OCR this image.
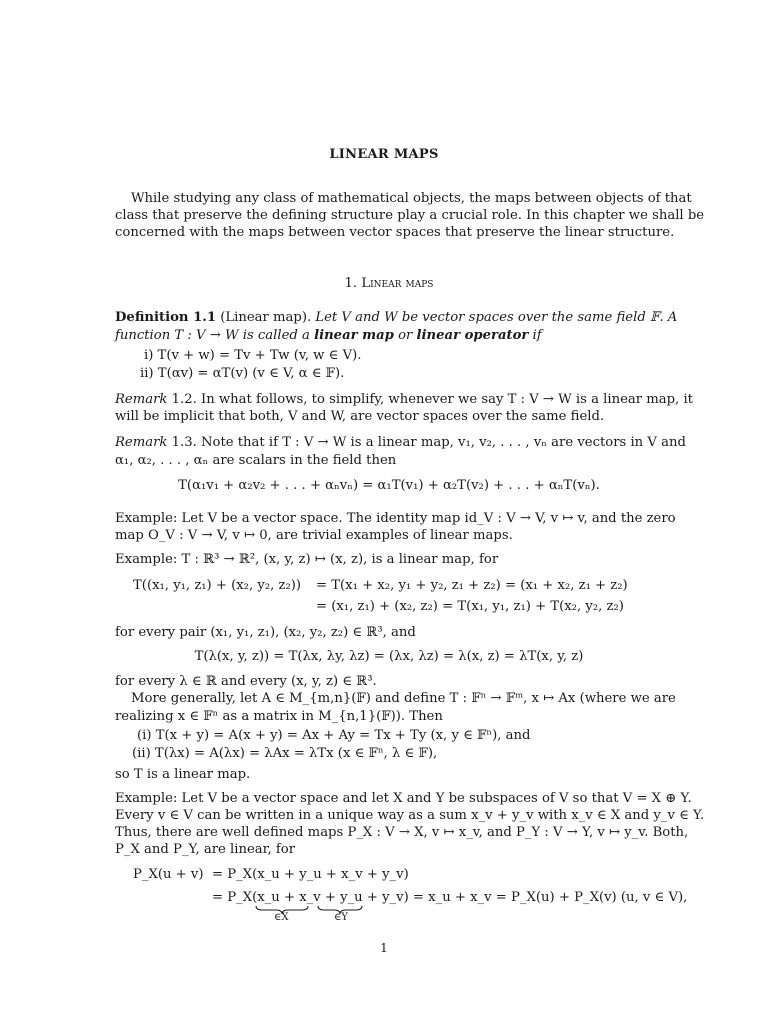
LINEAR MAPS
While studying any class of mathematical objects, the maps between objects of that
class that preserve the defining structure play a crucial role. In this chapter we shall be
concerned with the maps between vector spaces that preserve the linear structure.
1. Linear maps
Definition 1.1 (Linear map). Let V and W be vector spaces over the same field 𝔽. A
function T : V → W is called a linear map or linear operator if
i) T(v + w) = Tv + Tw (v, w ∈ V).
ii) T(αv) = αT(v) (v ∈ V, α ∈ 𝔽).
Remark 1.2. In what follows, to simplify, whenever we say T : V → W is a linear map, it
will be implicit that both, V and W, are vector spaces over the same field.
Remark 1.3. Note that if T : V → W is a linear map, v₁, v₂, . . . , vₙ are vectors in V and
α₁, α₂, . . . , αₙ are scalars in the field then
T(α₁v₁ + α₂v₂ + . . . + αₙvₙ) = α₁T(v₁) + α₂T(v₂) + . . . + αₙT(vₙ).
Example: Let V be a vector space. The identity map id_V : V → V, v ↦ v, and the zero
map O_V : V → V, v ↦ 0, are trivial examples of linear maps.
Example: T : ℝ³ → ℝ², (x, y, z) ↦ (x, z), is a linear map, for
T((x₁, y₁, z₁) + (x₂, y₂, z₂)) = T(x₁ + x₂, y₁ + y₂, z₁ + z₂) = (x₁ + x₂, z₁ + z₂)
= (x₁, z₁) + (x₂, z₂) = T(x₁, y₁, z₁) + T(x₂, y₂, z₂)
for every pair (x₁, y₁, z₁), (x₂, y₂, z₂) ∈ ℝ³, and
T(λ(x, y, z)) = T(λx, λy, λz) = (λx, λz) = λ(x, z) = λT(x, y, z)
for every λ ∈ ℝ and every (x, y, z) ∈ ℝ³.
More generally, let A ∈ M_{m,n}(𝔽) and define T : 𝔽ⁿ → 𝔽ᵐ, x ↦ Ax (where we are
realizing x ∈ 𝔽ⁿ as a matrix in M_{n,1}(𝔽)). Then
(i) T(x + y) = A(x + y) = Ax + Ay = Tx + Ty (x, y ∈ 𝔽ⁿ), and
(ii) T(λx) = A(λx) = λAx = λTx (x ∈ 𝔽ⁿ, λ ∈ 𝔽),
so T is a linear map.
Example: Let V be a vector space and let X and Y be subspaces of V so that V = X ⊕ Y.
Every v ∈ V can be written in a unique way as a sum x_v + y_v with x_v ∈ X and y_v ∈ Y.
Thus, there are well defined maps P_X : V → X, v ↦ x_v, and P_Y : V → Y, v ↦ y_v. Both,
P_X and P_Y, are linear, for
P_X(u + v) = P_X(x_u + y_u + x_v + y_v)
= P_X(x_u + x_v + y_u + y_v) = x_u + x_v = P_X(u) + P_X(v) (u, v ∈ V),
∈X	∈Y
1
